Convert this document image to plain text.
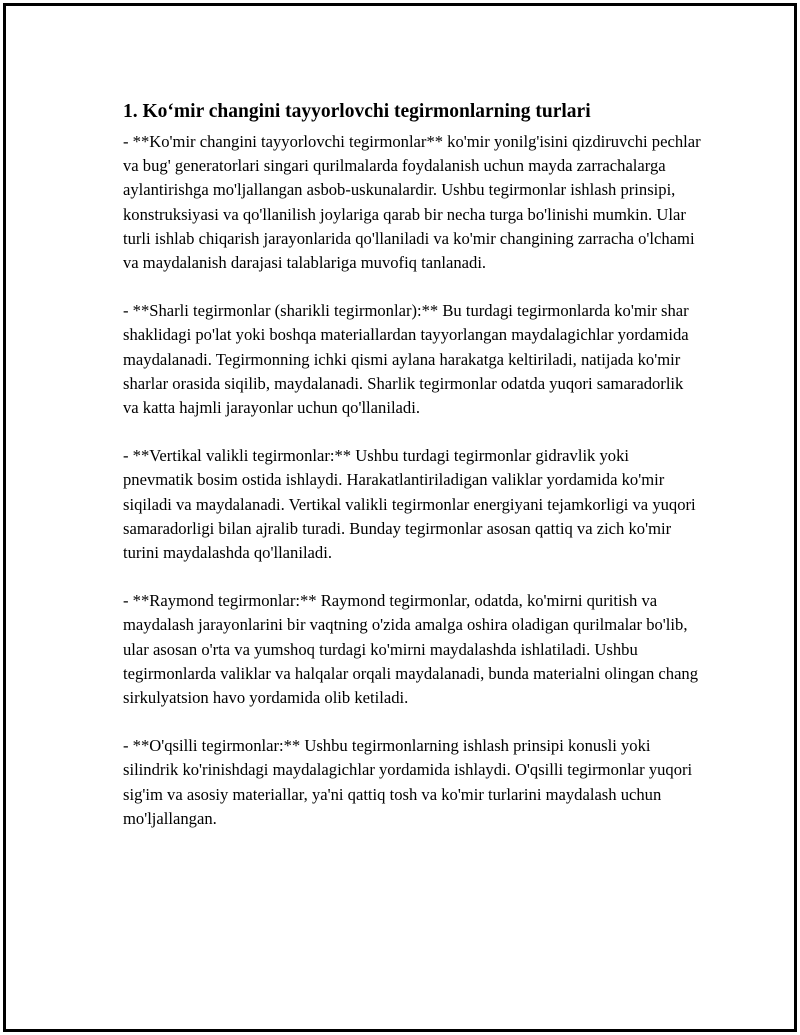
1. Ko‘mir changini tayyorlovchi tegirmonlarning turlari

- **Ko'mir changini tayyorlovchi tegirmonlar** ko'mir yonilg'isini qizdiruvchi pechlar va bug' generatorlari singari qurilmalarda foydalanish uchun mayda zarrachalarga aylantirishga mo'ljallangan asbob-uskunalardir. Ushbu tegirmonlar ishlash prinsipi, konstruksiyasi va qo'llanilish joylariga qarab bir necha turga bo'linishi mumkin. Ular turli ishlab chiqarish jarayonlarida qo'llaniladi va ko'mir changining zarracha o'lchami va maydalanish darajasi talablariga muvofiq tanlanadi.

- **Sharli tegirmonlar (sharikli tegirmonlar):** Bu turdagi tegirmonlarda ko'mir shar shaklidagi po'lat yoki boshqa materiallardan tayyorlangan maydalagichlar yordamida maydalanadi. Tegirmonning ichki qismi aylana harakatga keltiriladi, natijada ko'mir sharlar orasida siqilib, maydalanadi. Sharlik tegirmonlar odatda yuqori samaradorlik va katta hajmli jarayonlar uchun qo'llaniladi.

- **Vertikal valikli tegirmonlar:** Ushbu turdagi tegirmonlar gidravlik yoki pnevmatik bosim ostida ishlaydi. Harakatlantiriladigan valiklar yordamida ko'mir siqiladi va maydalanadi. Vertikal valikli tegirmonlar energiyani tejamkorligi va yuqori samaradorligi bilan ajralib turadi. Bunday tegirmonlar asosan qattiq va zich ko'mir turini maydalashda qo'llaniladi.

- **Raymond tegirmonlar:** Raymond tegirmonlar, odatda, ko'mirni quritish va maydalash jarayonlarini bir vaqtning o'zida amalga oshira oladigan qurilmalar bo'lib, ular asosan o'rta va yumshoq turdagi ko'mirni maydalashda ishlatiladi. Ushbu tegirmonlarda valiklar va halqalar orqali maydalanadi, bunda materialni olingan chang sirkulyatsion havo yordamida olib ketiladi.

- **O'qsilli tegirmonlar:** Ushbu tegirmonlarning ishlash prinsipi konusli yoki silindrik ko'rinishdagi maydalagichlar yordamida ishlaydi. O'qsilli tegirmonlar yuqori sig'im va asosiy materiallar, ya'ni qattiq tosh va ko'mir turlarini maydalash uchun mo'ljallangan.
